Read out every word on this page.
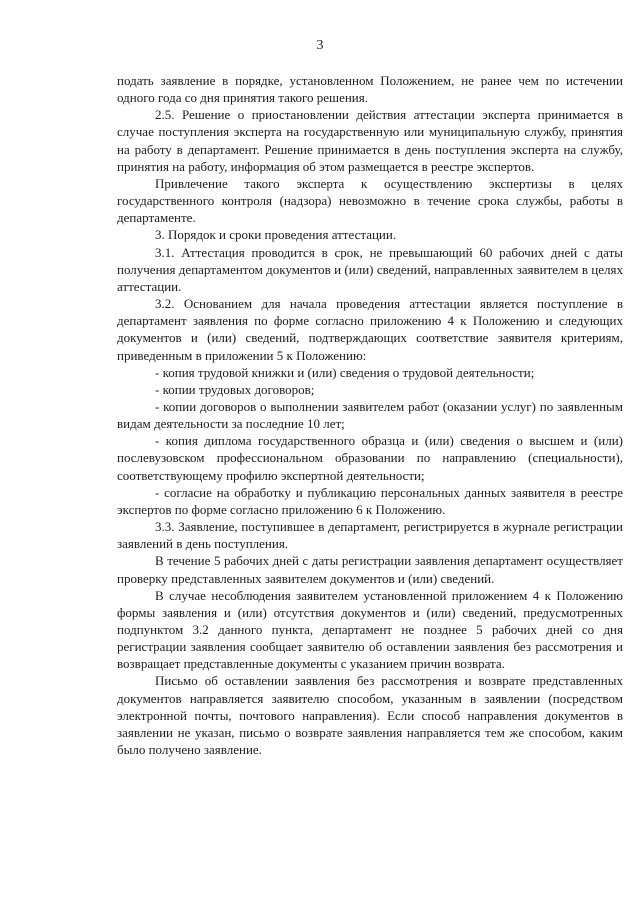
3

подать заявление в порядке, установленном Положением, не ранее чем по истечении одного года со дня принятия такого решения.

2.5. Решение о приостановлении действия аттестации эксперта принимается в случае поступления эксперта на государственную или муниципальную службу, принятия на работу в департамент. Решение принимается в день поступления эксперта на службу, принятия на работу, информация об этом размещается в реестре экспертов.

Привлечение такого эксперта к осуществлению экспертизы в целях государственного контроля (надзора) невозможно в течение срока службы, работы в департаменте.

3. Порядок и сроки проведения аттестации.

3.1. Аттестация проводится в срок, не превышающий 60 рабочих дней с даты получения департаментом документов и (или) сведений, направленных заявителем в целях аттестации.

3.2. Основанием для начала проведения аттестации является поступление в департамент заявления по форме согласно приложению 4 к Положению и следующих документов и (или) сведений, подтверждающих соответствие заявителя критериям, приведенным в приложении 5 к Положению:

- копия трудовой книжки и (или) сведения о трудовой деятельности;

- копии трудовых договоров;

- копии договоров о выполнении заявителем работ (оказании услуг) по заявленным видам деятельности за последние 10 лет;

- копия диплома государственного образца и (или) сведения о высшем и (или) послевузовском профессиональном образовании по направлению (специальности), соответствующему профилю экспертной деятельности;

- согласие на обработку и публикацию персональных данных заявителя в реестре экспертов по форме согласно приложению 6 к Положению.

3.3. Заявление, поступившее в департамент, регистрируется в журнале регистрации заявлений в день поступления.

В течение 5 рабочих дней с даты регистрации заявления департамент осуществляет проверку представленных заявителем документов и (или) сведений.

В случае несоблюдения заявителем установленной приложением 4 к Положению формы заявления и (или) отсутствия документов и (или) сведений, предусмотренных подпунктом 3.2 данного пункта, департамент не позднее 5 рабочих дней со дня регистрации заявления сообщает заявителю об оставлении заявления без рассмотрения и возвращает представленные документы с указанием причин возврата.

Письмо об оставлении заявления без рассмотрения и возврате представленных документов направляется заявителю способом, указанным в заявлении (посредством электронной почты, почтового направления). Если способ направления документов в заявлении не указан, письмо о возврате заявления направляется тем же способом, каким было получено заявление.
